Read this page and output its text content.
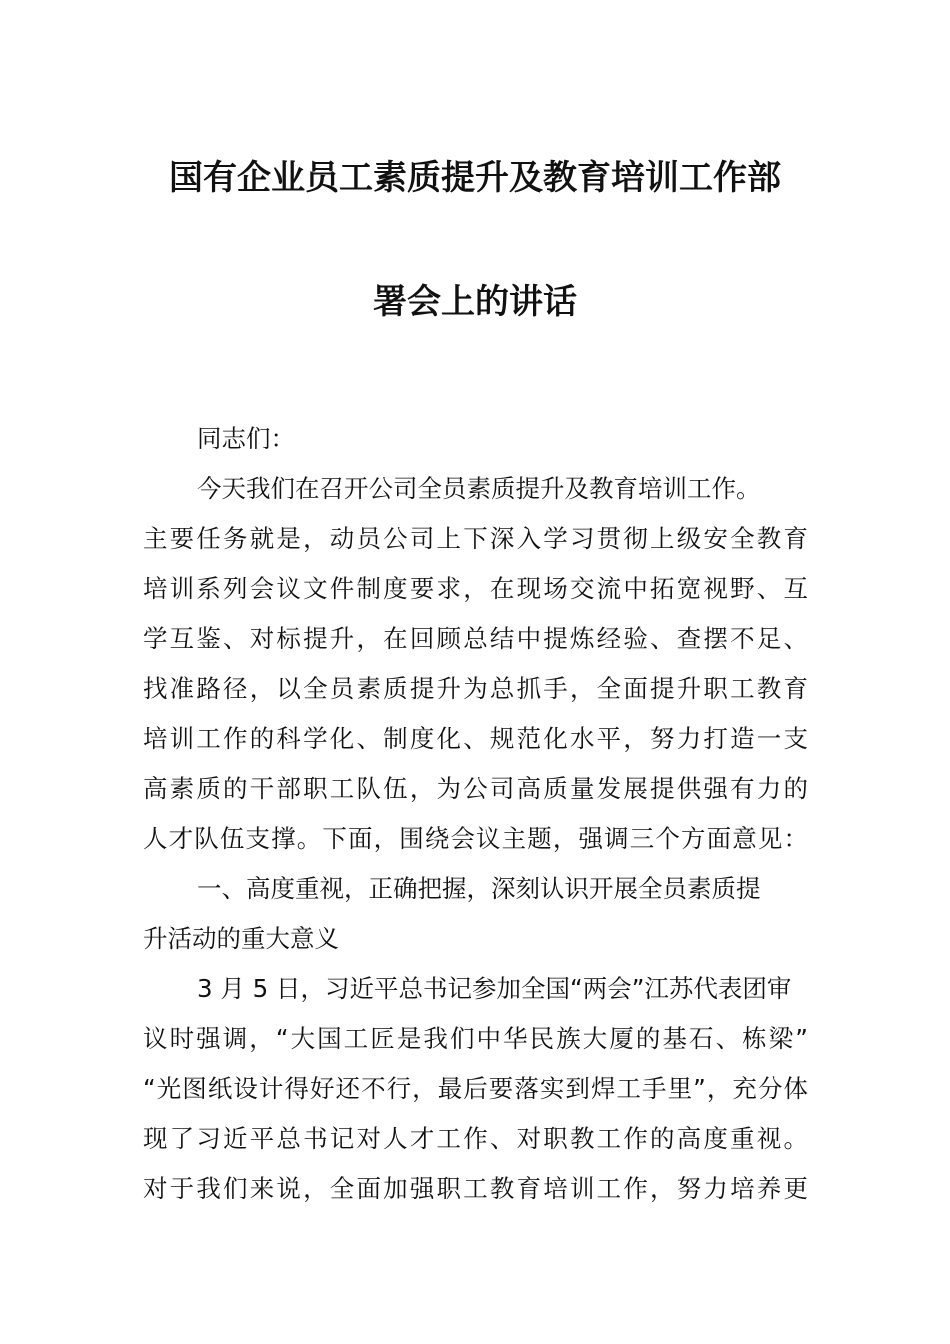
国有企业员工素质提升及教育培训工作部
署会上的讲话
同志们：
今天我们在召开公司全员素质提升及教育培训工作。
主要任务就是，动员公司上下深入学习贯彻上级安全教育
培训系列会议文件制度要求，在现场交流中拓宽视野、互
学互鉴、对标提升，在回顾总结中提炼经验、查摆不足、
找准路径，以全员素质提升为总抓手，全面提升职工教育
培训工作的科学化、制度化、规范化水平，努力打造一支
高素质的干部职工队伍，为公司高质量发展提供强有力的
人才队伍支撑。下面，围绕会议主题，强调三个方面意见：
一、高度重视，正确把握，深刻认识开展全员素质提
升活动的重大意义
3 月 5 日，习近平总书记参加全国“两会”江苏代表团审
议时强调，“大国工匠是我们中华民族大厦的基石、栋梁”
“光图纸设计得好还不行，最后要落实到焊工手里”，充分体
现了习近平总书记对人才工作、对职教工作的高度重视。
对于我们来说，全面加强职工教育培训工作，努力培养更
